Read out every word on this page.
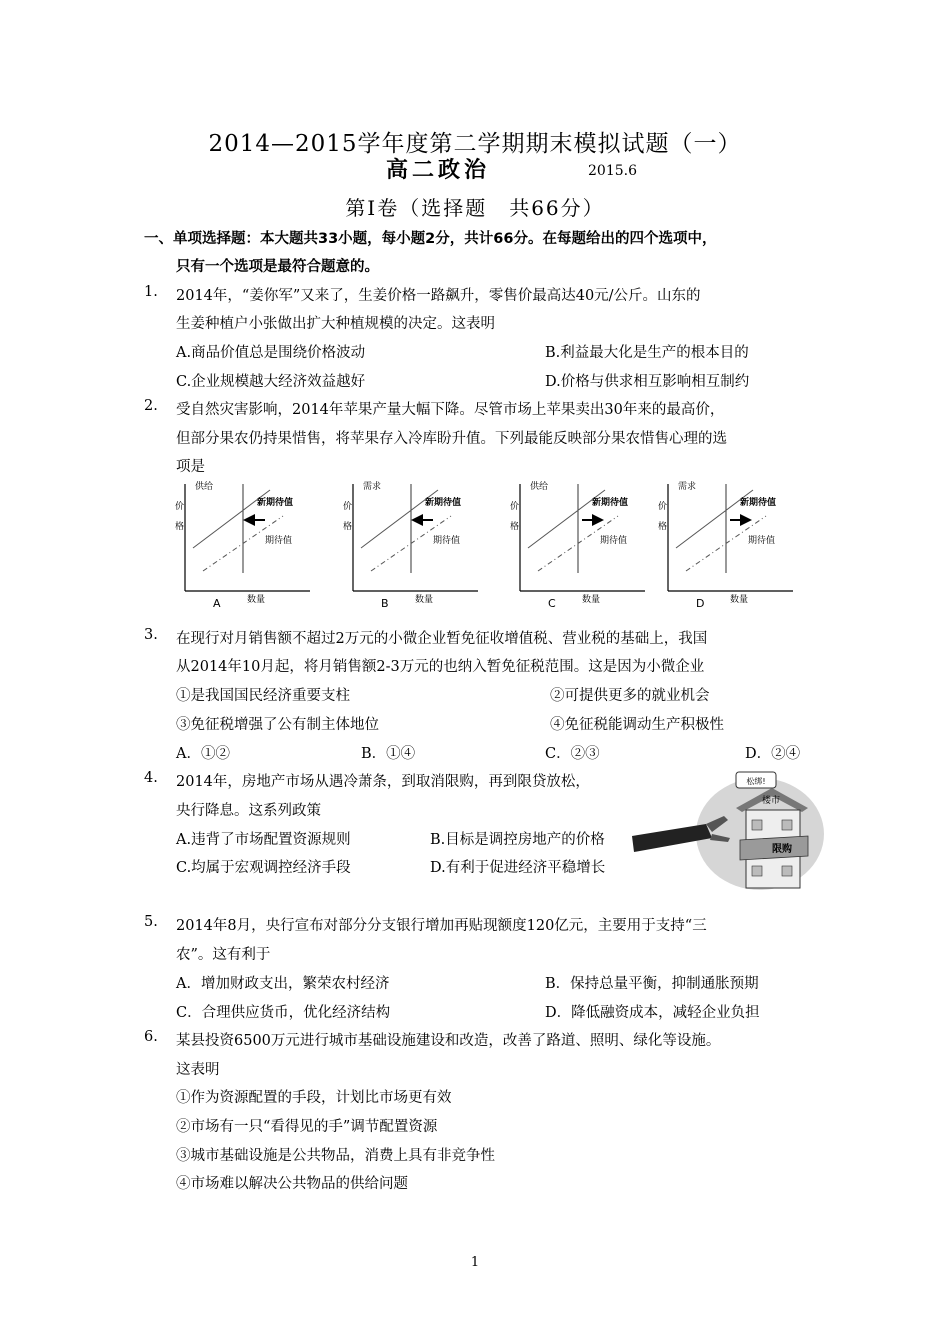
2014—2015学年度第二学期期末模拟试题（一）
高二政治	2015.6
第Ⅰ卷（选择题　共66分）
一、单项选择题：本大题共33小题，每小题2分，共计66分。在每题给出的四个选项中，
只有一个选项是最符合题意的。
1. 2014年，“姜你军”又来了，生姜价格一路飙升，零售价最高达40元/公斤。山东的
生姜种植户小张做出扩大种植规模的决定。这表明
A.商品价值总是围绕价格波动	B.利益最大化是生产的根本目的
C.企业规模越大经济效益越好	D.价格与供求相互影响相互制约
2. 受自然灾害影响，2014年苹果产量大幅下降。尽管市场上苹果卖出30年来的最高价，
但部分果农仍持果惜售，将苹果存入冷库盼升值。下列最能反映部分果农惜售心理的选
项是
供给
新期待值
期待值
价
格
数量
A
需求
新期待值
期待值
价
格
数量
B
供给
新期待值
期待值
价
格
数量
C
需求
新期待值
期待值
价
格
数量
D
3. 在现行对月销售额不超过2万元的小微企业暂免征收增值税、营业税的基础上，我国
从2014年10月起，将月销售额2-3万元的也纳入暂免征税范围。这是因为小微企业
①是我国国民经济重要支柱	②可提供更多的就业机会
③免征税增强了公有制主体地位	④免征税能调动生产积极性
A．①②	B．①④	C．②③	D．②④
4. 2014年，房地产市场从遇冷萧条，到取消限购，再到限贷放松，
央行降息。这系列政策
A.违背了市场配置资源规则	B.目标是调控房地产的价格
C.均属于宏观调控经济手段	D.有利于促进经济平稳增长
松绑!
楼市
限购
5. 2014年8月，央行宣布对部分分支银行增加再贴现额度120亿元，主要用于支持“三
农”。这有利于
A．增加财政支出，繁荣农村经济	B．保持总量平衡，抑制通胀预期
C．合理供应货币，优化经济结构	D．降低融资成本，减轻企业负担
6. 某县投资6500万元进行城市基础设施建设和改造，改善了路道、照明、绿化等设施。
这表明
①作为资源配置的手段，计划比市场更有效
②市场有一只“看得见的手”调节配置资源
③城市基础设施是公共物品，消费上具有非竞争性
④市场难以解决公共物品的供给问题
1
